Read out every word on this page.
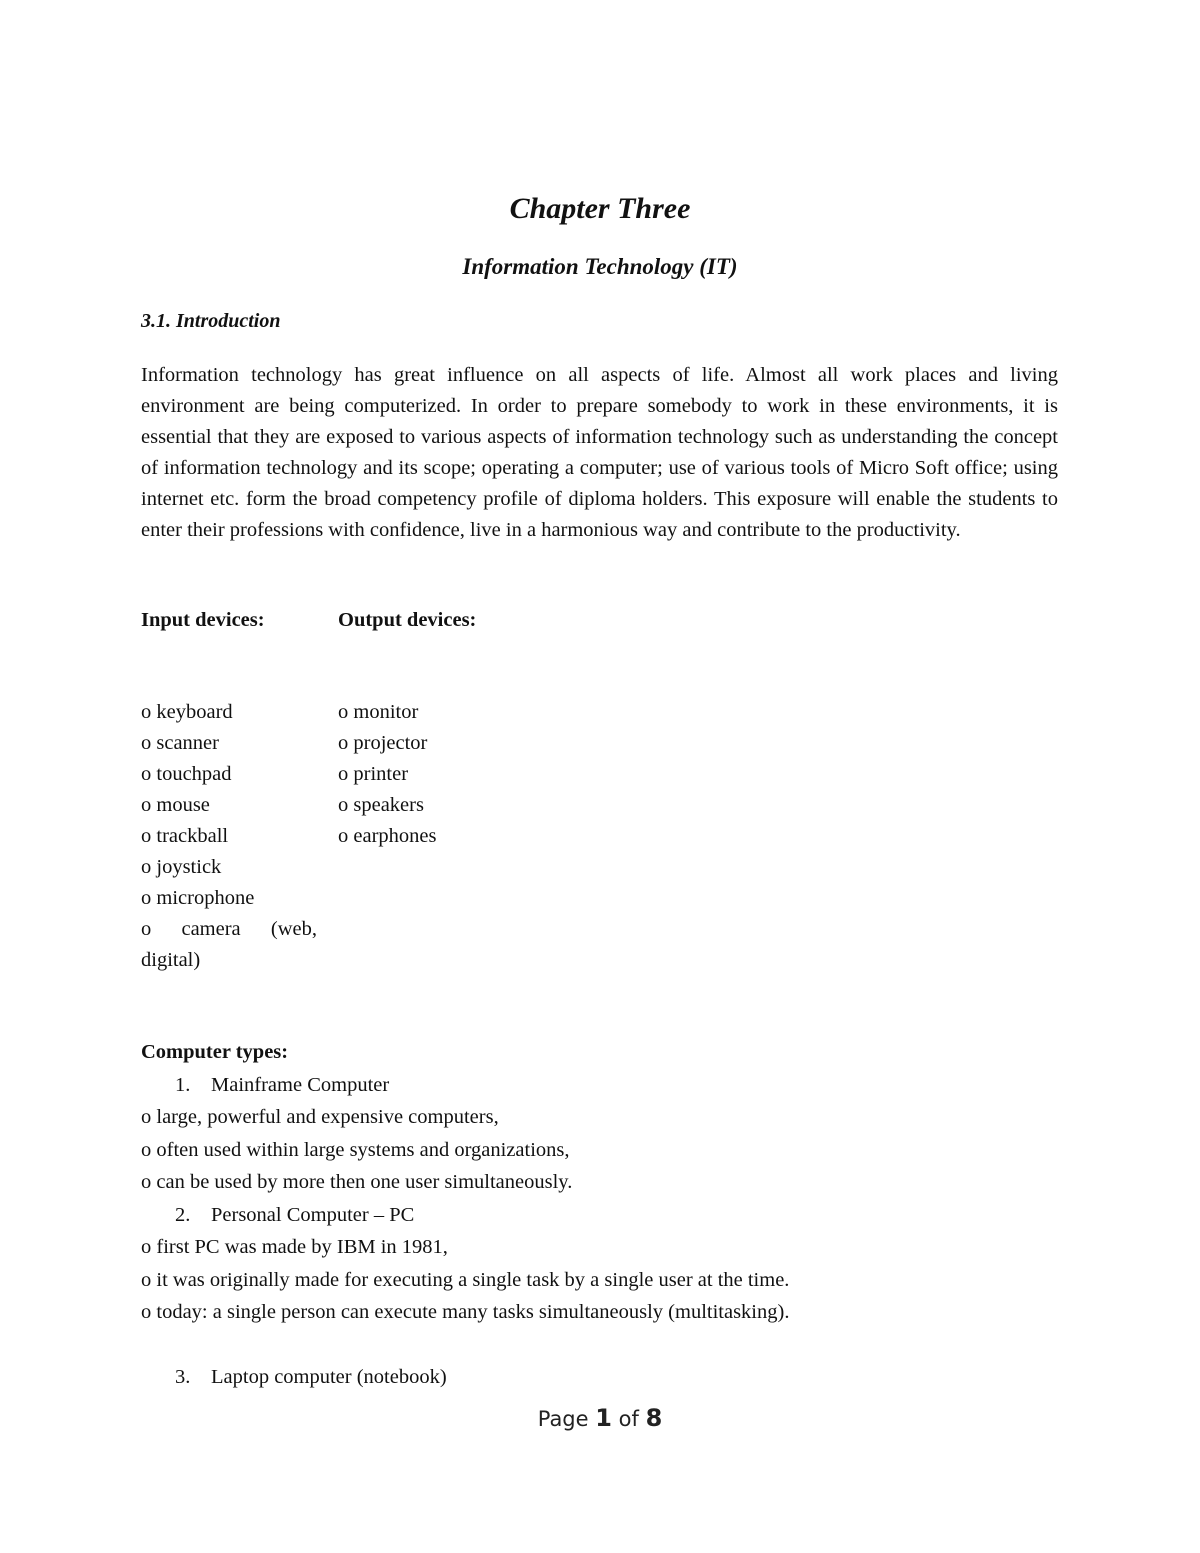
Chapter Three
Information Technology (IT)
3.1. Introduction

Information technology has great influence on all aspects of life. Almost all work places and living environment are being computerized. In order to prepare somebody to work in these environments, it is essential that they are exposed to various aspects of information technology such as understanding the concept of information technology and its scope; operating a computer; use of various tools of Micro Soft office; using internet etc. form the broad competency profile of diploma holders. This exposure will enable the students to enter their professions with confidence, live in a harmonious way and contribute to the productivity.

Input devices:	Output devices:
o keyboard
o scanner
o touchpad
o mouse
o trackball
o joystick
o microphone
o camera (web,
digital)
o monitor
o projector
o printer
o speakers
o earphones
Computer types:
1. Mainframe Computer
o large, powerful and expensive computers,
o often used within large systems and organizations,
o can be used by more then one user simultaneously.
2. Personal Computer – PC
o first PC was made by IBM in 1981,
o it was originally made for executing a single task by a single user at the time.
o today: a single person can execute many tasks simultaneously (multitasking).
3. Laptop computer (notebook)
Page 1 of 8
